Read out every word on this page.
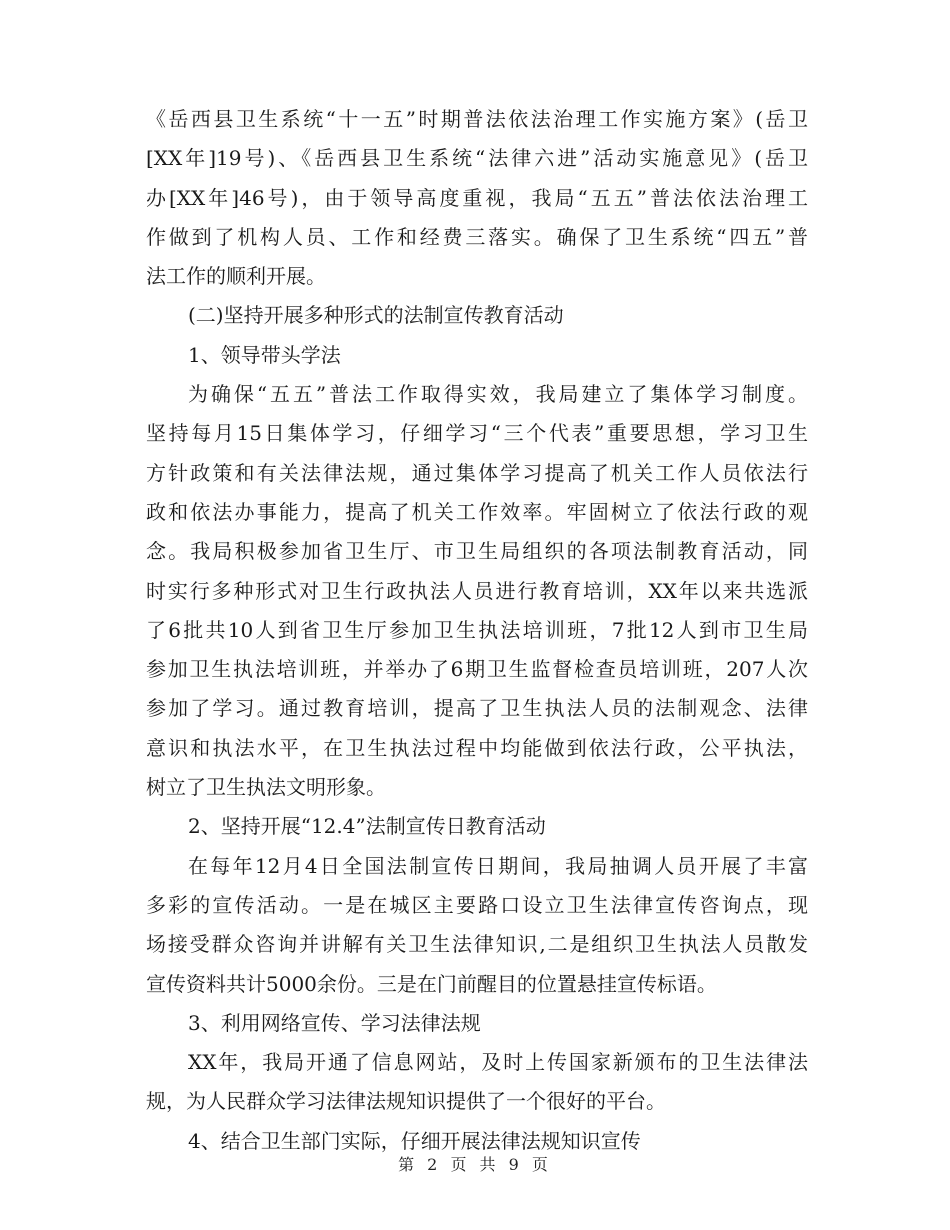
《岳西县卫生系统“十一五”时期普法依法治理工作实施方案》(岳卫
[XX年]19号)、《岳西县卫生系统“法律六进”活动实施意见》(岳卫
办[XX年]46号)，由于领导高度重视，我局“五五”普法依法治理工
作做到了机构人员、工作和经费三落实。确保了卫生系统“四五”普
法工作的顺利开展。
(二)坚持开展多种形式的法制宣传教育活动
1、领导带头学法
为确保“五五”普法工作取得实效，我局建立了集体学习制度。
坚持每月15日集体学习，仔细学习“三个代表”重要思想，学习卫生
方针政策和有关法律法规，通过集体学习提高了机关工作人员依法行
政和依法办事能力，提高了机关工作效率。牢固树立了依法行政的观
念。我局积极参加省卫生厅、市卫生局组织的各项法制教育活动，同
时实行多种形式对卫生行政执法人员进行教育培训，XX年以来共选派
了6批共10人到省卫生厅参加卫生执法培训班，7批12人到市卫生局
参加卫生执法培训班，并举办了6期卫生监督检查员培训班，207人次
参加了学习。通过教育培训，提高了卫生执法人员的法制观念、法律
意识和执法水平，在卫生执法过程中均能做到依法行政，公平执法，
树立了卫生执法文明形象。
2、坚持开展“12.4”法制宣传日教育活动
在每年12月4日全国法制宣传日期间，我局抽调人员开展了丰富
多彩的宣传活动。一是在城区主要路口设立卫生法律宣传咨询点，现
场接受群众咨询并讲解有关卫生法律知识,二是组织卫生执法人员散发
宣传资料共计5000余份。三是在门前醒目的位置悬挂宣传标语。
3、利用网络宣传、学习法律法规
XX年，我局开通了信息网站，及时上传国家新颁布的卫生法律法
规，为人民群众学习法律法规知识提供了一个很好的平台。
4、结合卫生部门实际，仔细开展法律法规知识宣传
第 2 页 共 9 页
